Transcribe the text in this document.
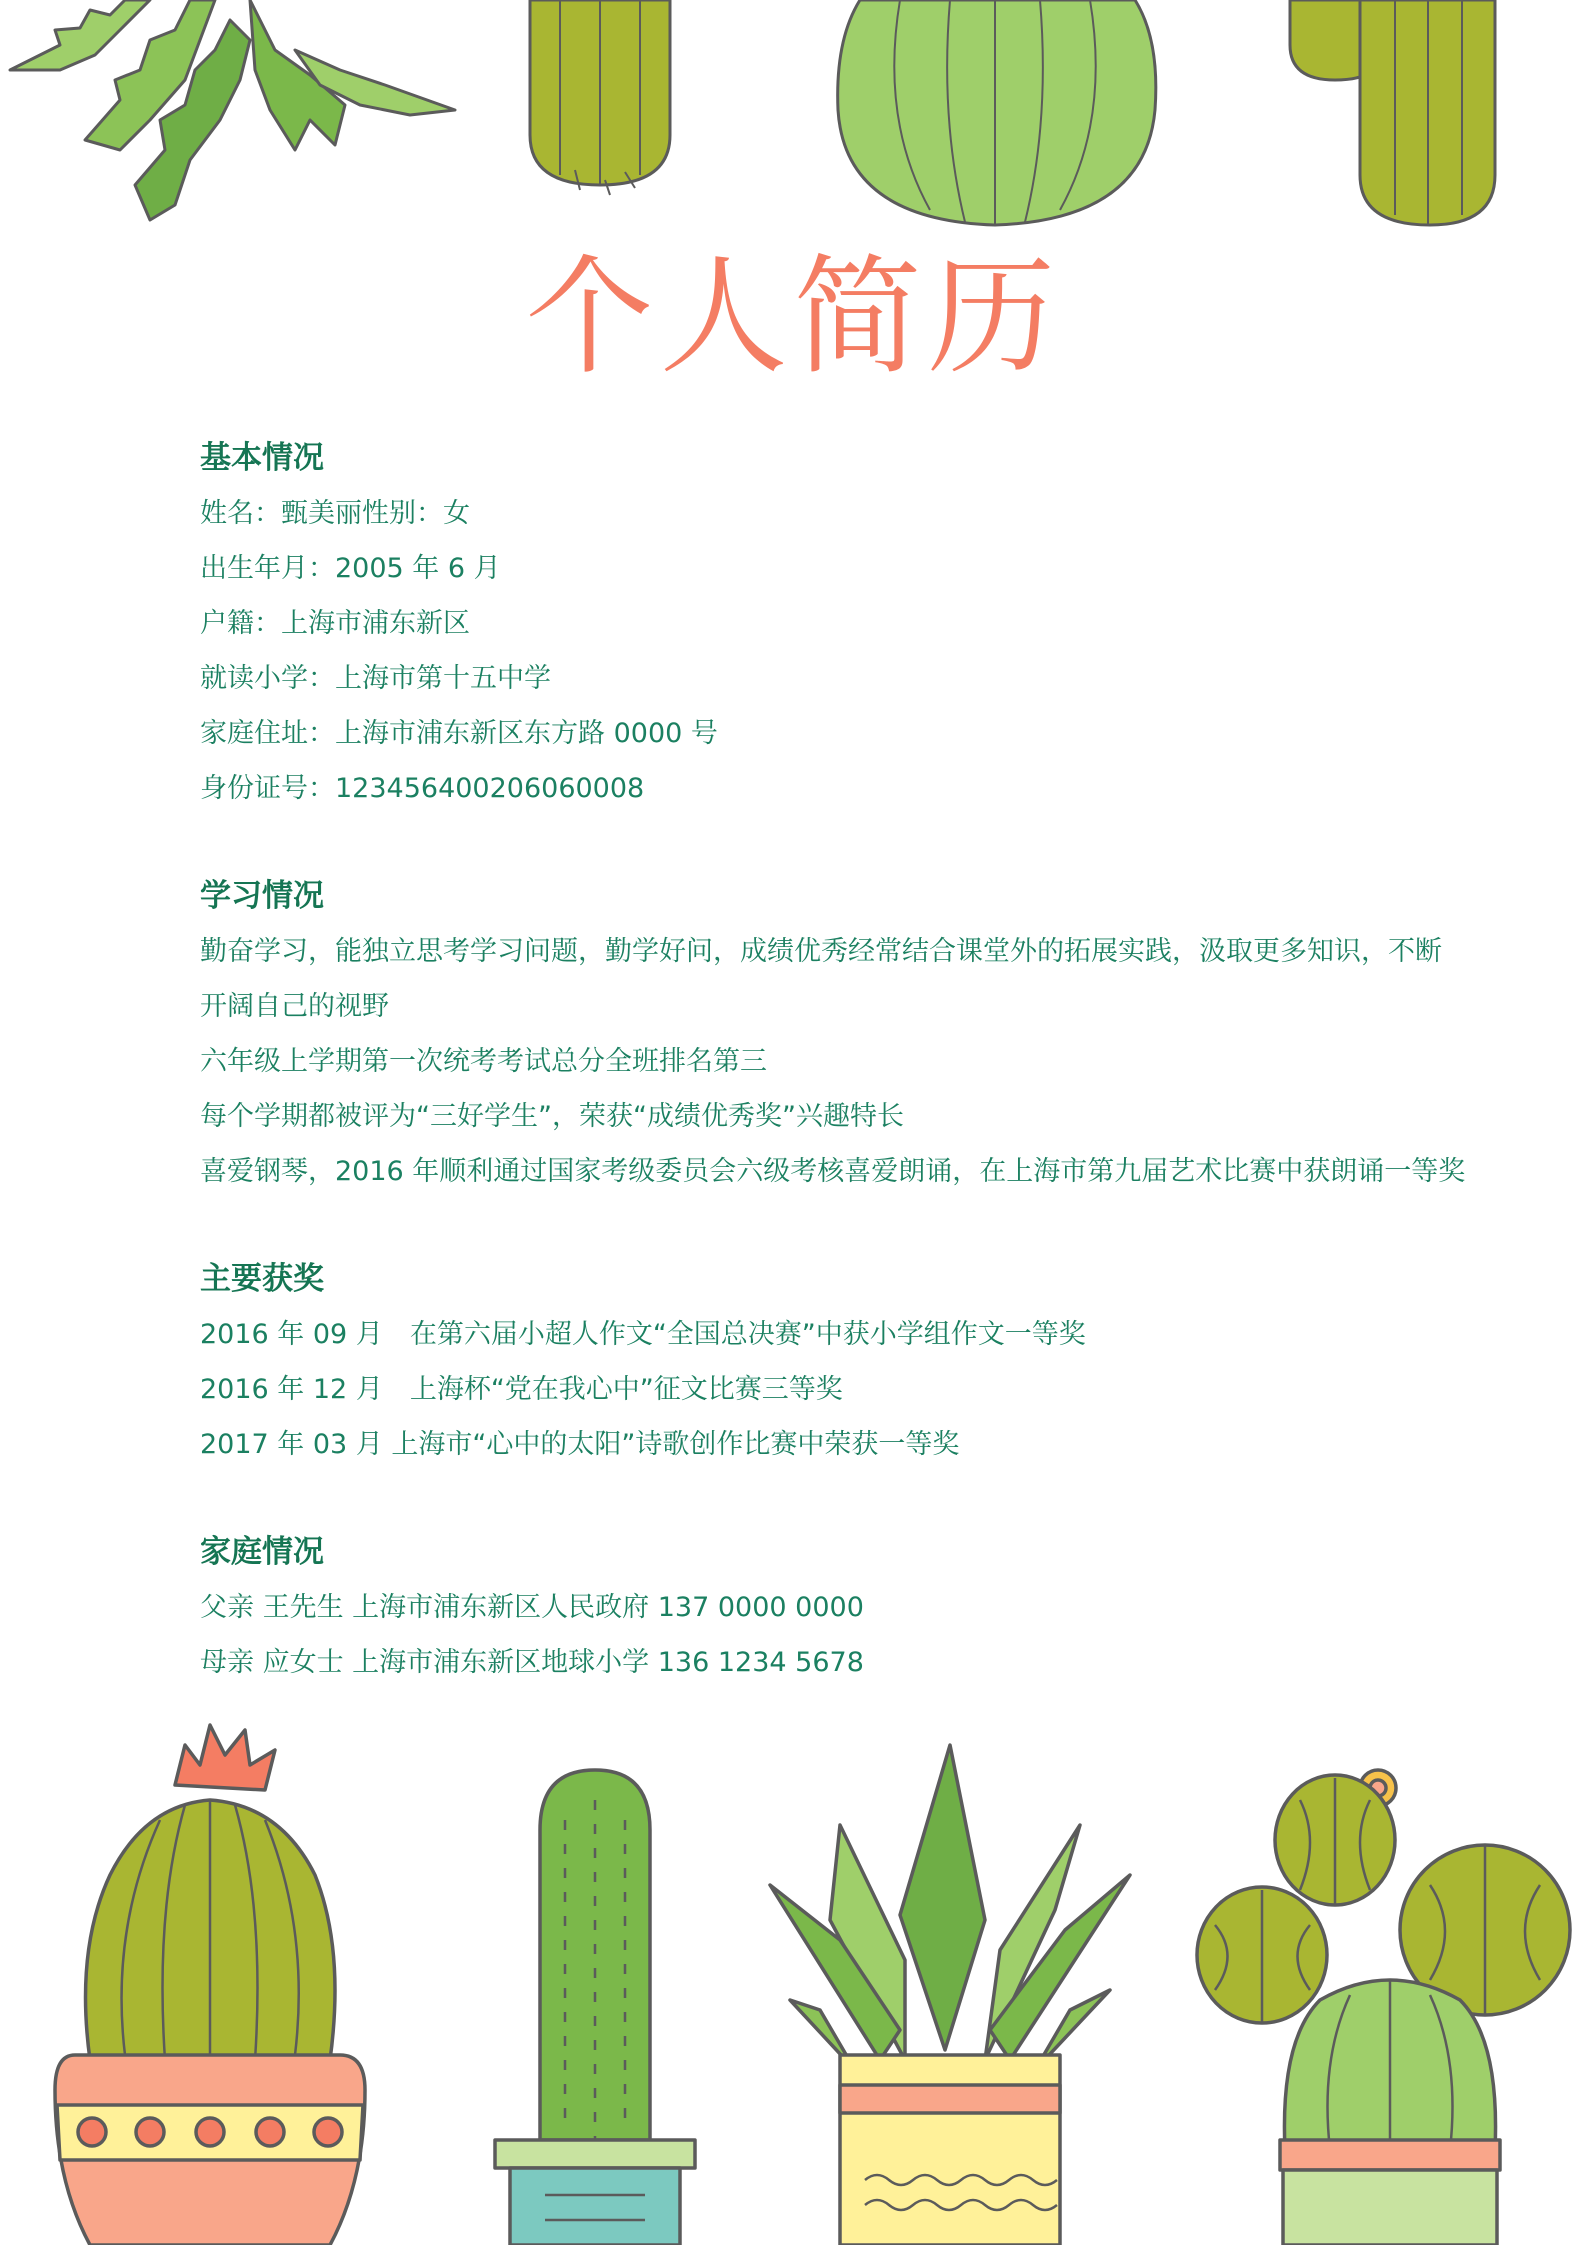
个人简历
基本情况
姓名：甄美丽性别：女
出生年月：2005 年 6 月
户籍：上海市浦东新区
就读小学：上海市第十五中学
家庭住址：上海市浦东新区东方路 0000 号
身份证号：123456400206060008
学习情况
勤奋学习，能独立思考学习问题，勤学好问，成绩优秀经常结合课堂外的拓展实践，汲取更多知识，不断
开阔自己的视野
六年级上学期第一次统考考试总分全班排名第三
每个学期都被评为“三好学生”，荣获“成绩优秀奖”兴趣特长
喜爱钢琴，2016 年顺利通过国家考级委员会六级考核喜爱朗诵，在上海市第九届艺术比赛中获朗诵一等奖
主要获奖
2016 年 09 月　在第六届小超人作文“全国总决赛”中获小学组作文一等奖
2016 年 12 月　上海杯“党在我心中”征文比赛三等奖
2017 年 03 月 上海市“心中的太阳”诗歌创作比赛中荣获一等奖
家庭情况
父亲 王先生 上海市浦东新区人民政府 137 0000 0000
母亲 应女士 上海市浦东新区地球小学 136 1234 5678
